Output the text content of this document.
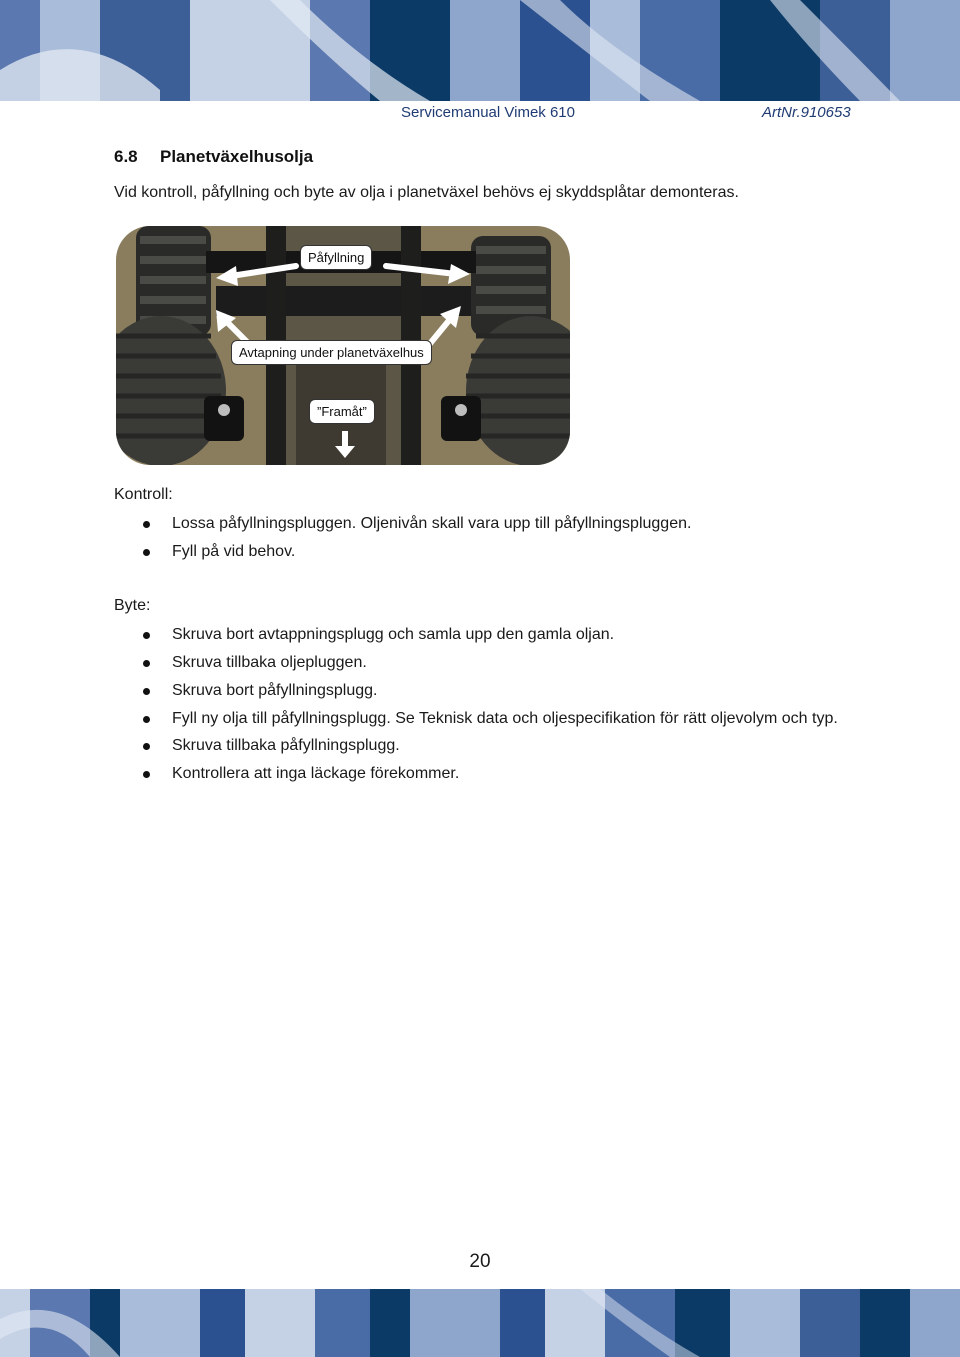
Servicemanual Vimek 610	ArtNr.910653
6.8 Planetväxelhusolja
Vid kontroll, påfyllning och byte av olja i planetväxel behövs ej skyddsplåtar demonteras.
Påfyllning
Avtapning under planetväxelhus
”Framåt”
Kontroll:
Lossa påfyllningspluggen. Oljenivån skall vara upp till påfyllningspluggen.
Fyll på vid behov.
Byte:
Skruva bort avtappningsplugg och samla upp den gamla oljan.
Skruva tillbaka oljepluggen.
Skruva bort påfyllningsplugg.
Fyll ny olja till påfyllningsplugg. Se Teknisk data och oljespecifikation för rätt oljevolym och typ.
Skruva tillbaka påfyllningsplugg.
Kontrollera att inga läckage förekommer.
20
